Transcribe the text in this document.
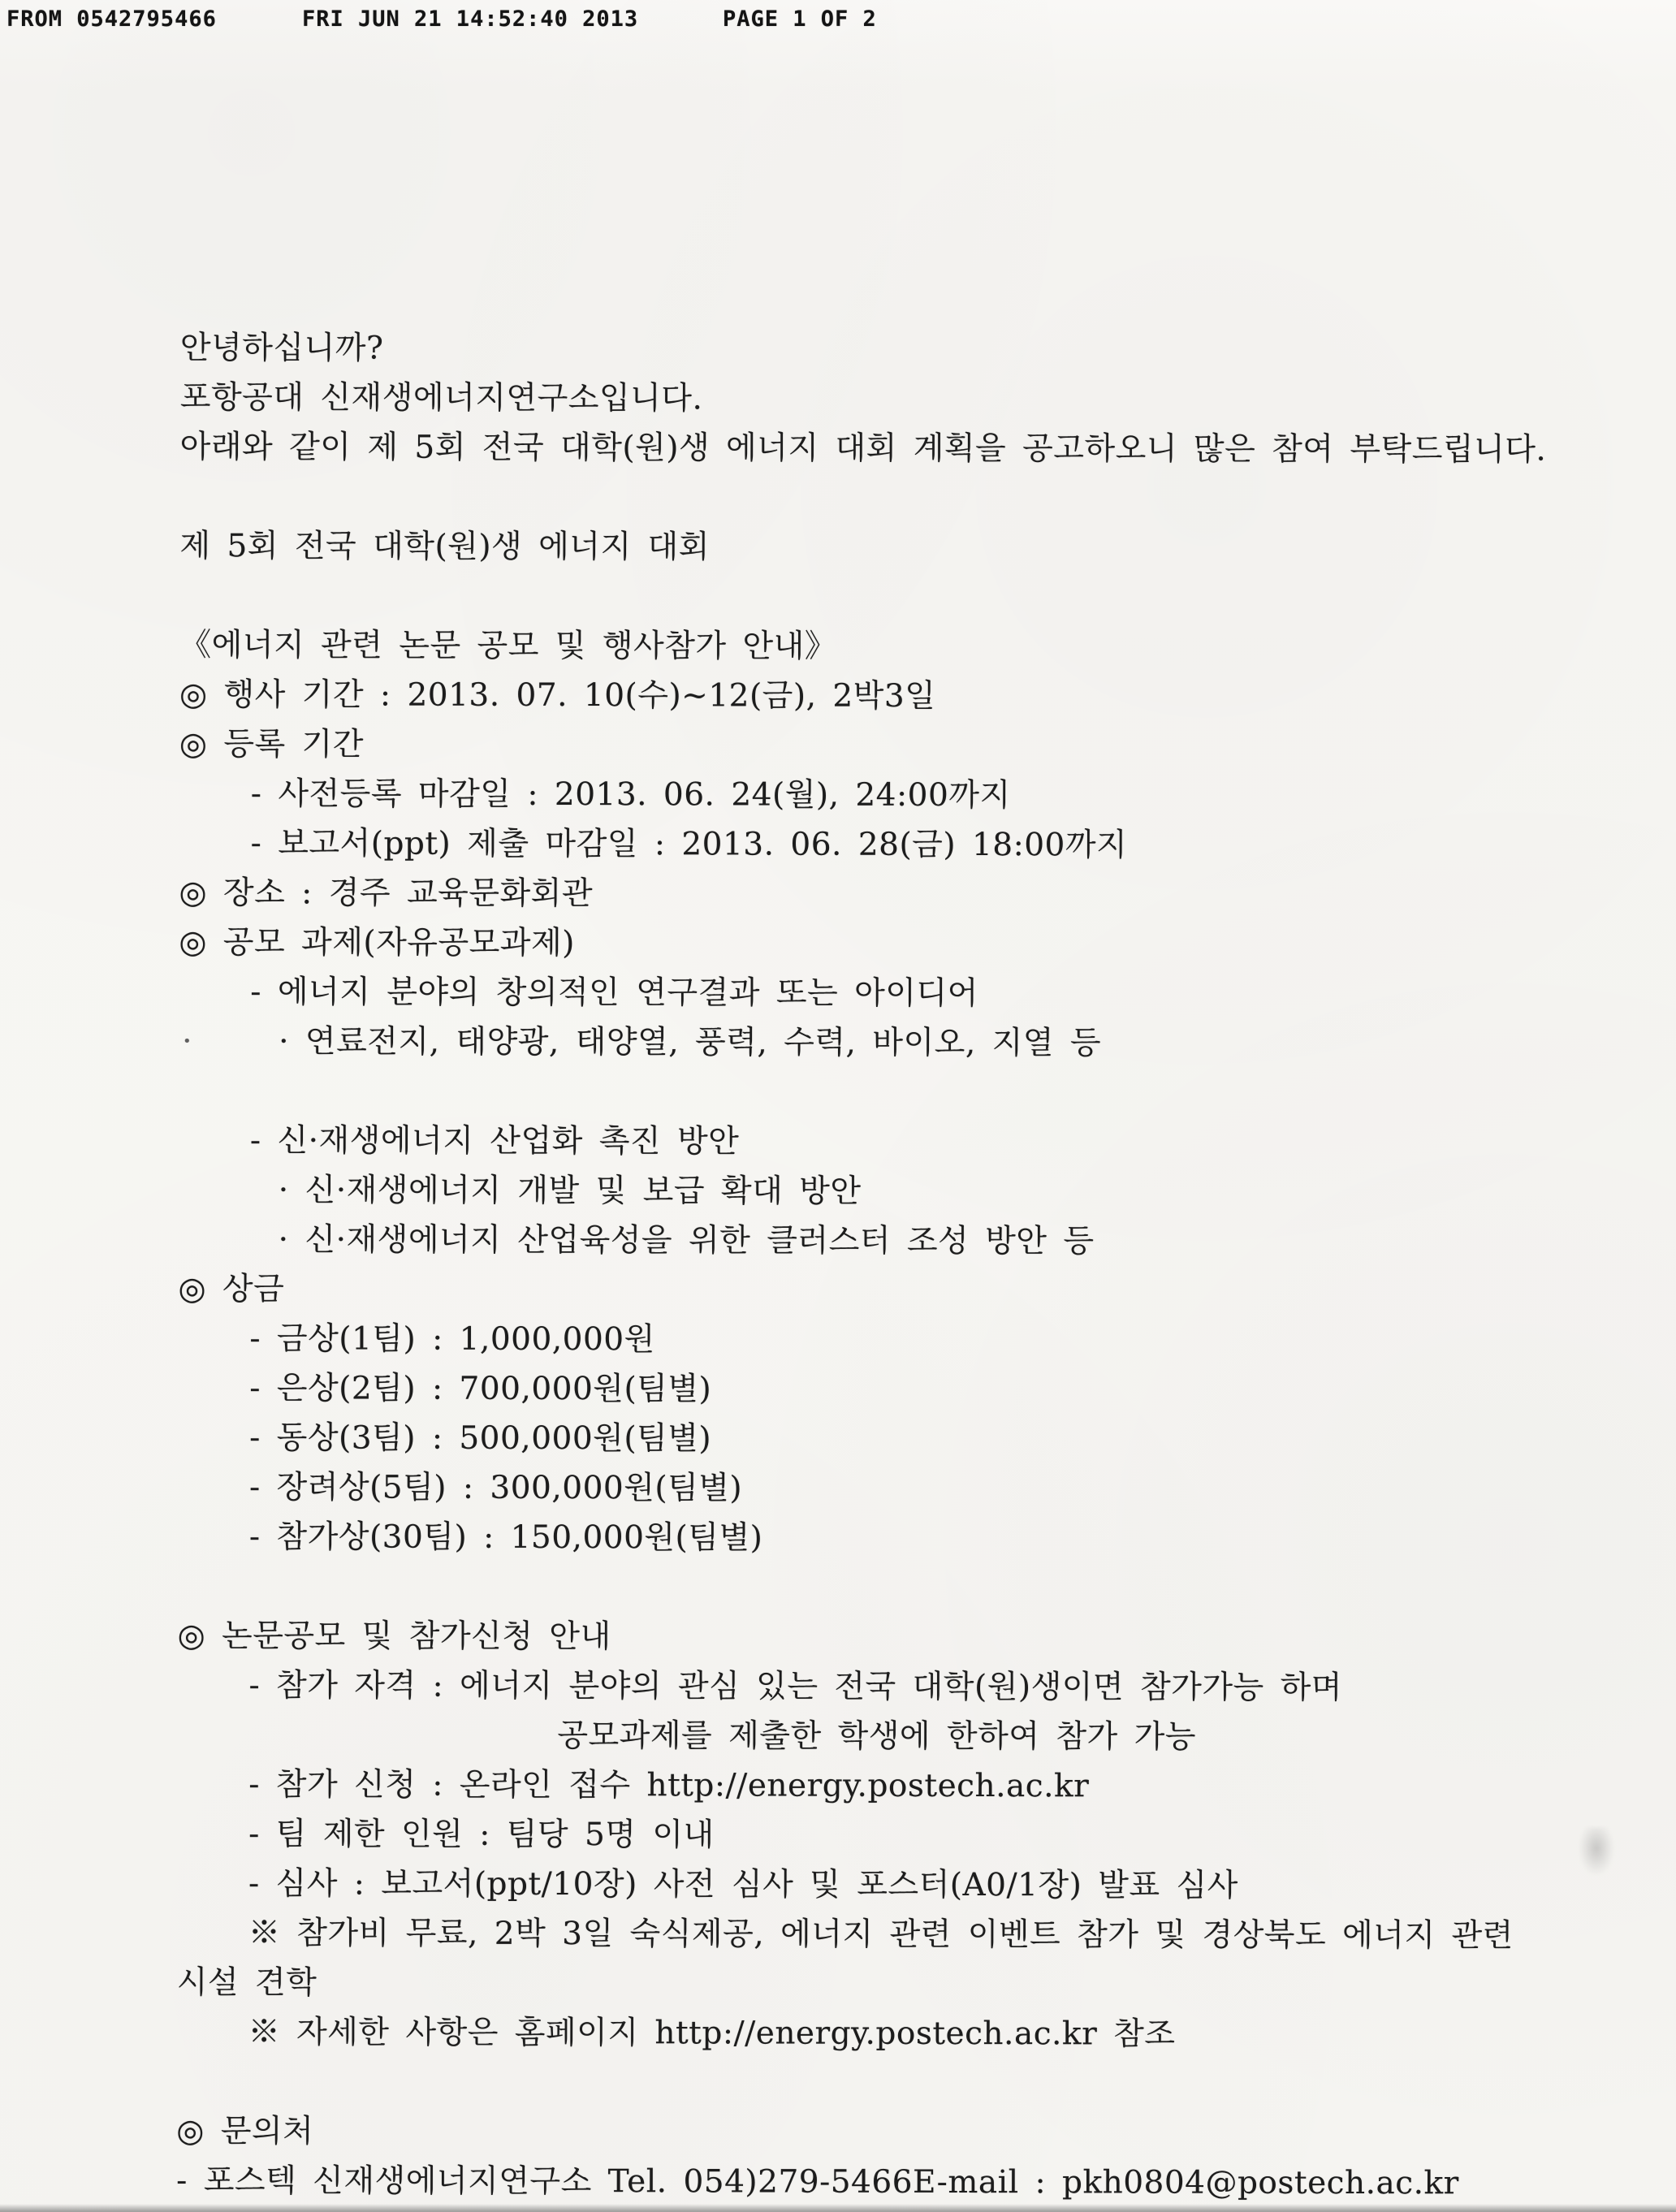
FROM 0542795466	FRI JUN 21 14:52:40 2013	PAGE 1 OF 2
안녕하십니까?
포항공대 신재생에너지연구소입니다.
아래와 같이 제 5회 전국 대학(원)생 에너지 대회 계획을 공고하오니 많은 참여 부탁드립니다.
제 5회 전국 대학(원)생 에너지 대회
《에너지 관련 논문 공모 및 행사참가 안내》
◎ 행사 기간 : 2013. 07. 10(수)~12(금), 2박3일
◎ 등록 기간
- 사전등록 마감일 : 2013. 06. 24(월), 24:00까지
- 보고서(ppt) 제출 마감일 : 2013. 06. 28(금) 18:00까지
◎ 장소 : 경주 교육문화회관
◎ 공모 과제(자유공모과제)
- 에너지 분야의 창의적인 연구결과 또는 아이디어
· 연료전지, 태양광, 태양열, 풍력, 수력, 바이오, 지열 등
·
- 신·재생에너지 산업화 촉진 방안
· 신·재생에너지 개발 및 보급 확대 방안
· 신·재생에너지 산업육성을 위한 클러스터 조성 방안 등
◎ 상금
- 금상(1팀) : 1,000,000원
- 은상(2팀) : 700,000원(팀별)
- 동상(3팀) : 500,000원(팀별)
- 장려상(5팀) : 300,000원(팀별)
- 참가상(30팀) : 150,000원(팀별)
◎ 논문공모 및 참가신청 안내
- 참가 자격 : 에너지 분야의 관심 있는 전국 대학(원)생이면 참가가능 하며
공모과제를 제출한 학생에 한하여 참가 가능
- 참가 신청 : 온라인 접수 http://energy.postech.ac.kr
- 팀 제한 인원 : 팀당 5명 이내
- 심사 : 보고서(ppt/10장) 사전 심사 및 포스터(A0/1장) 발표 심사
※ 참가비 무료, 2박 3일 숙식제공, 에너지 관련 이벤트 참가 및 경상북도 에너지 관련
시설 견학
※ 자세한 사항은 홈페이지 http://energy.postech.ac.kr 참조
◎ 문의처
- 포스텍 신재생에너지연구소 Tel. 054)279-5466E-mail : pkh0804@postech.ac.kr
